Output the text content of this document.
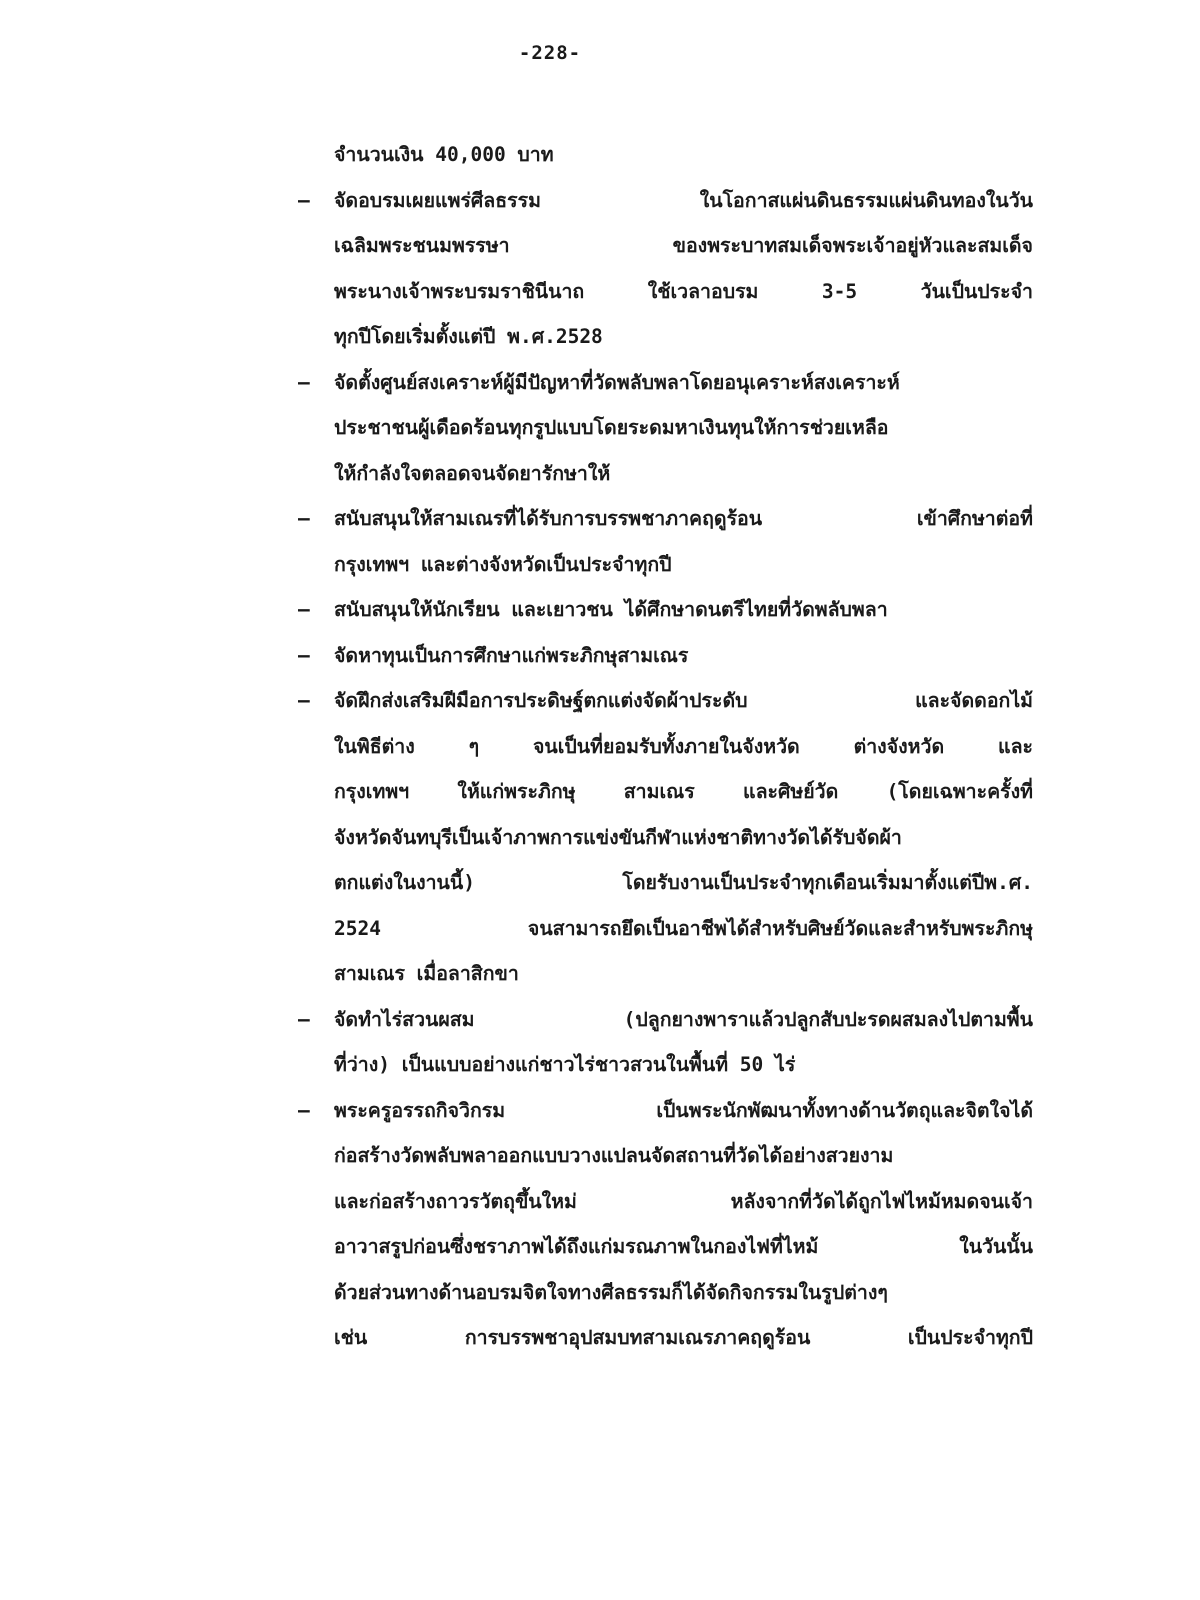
-228-
จำนวนเงิน 40,000 บาท
–	จัดอบรมเผยแพร่ศีลธรรม ในโอกาสแผ่นดินธรรมแผ่นดินทองในวัน
เฉลิมพระชนมพรรษา ของพระบาทสมเด็จพระเจ้าอยู่หัวและสมเด็จ
พระนางเจ้าพระบรมราชินีนาถ ใช้เวลาอบรม 3-5 วันเป็นประจำ
ทุกปีโดยเริ่มตั้งแต่ปี พ.ศ.2528
–	จัดตั้งศูนย์สงเคราะห์ผู้มีปัญหาที่วัดพลับพลาโดยอนุเคราะห์สงเคราะห์
ประชาชนผู้เดือดร้อนทุกรูปแบบโดยระดมหาเงินทุนให้การช่วยเหลือ
ให้กำลังใจตลอดจนจัดยารักษาให้
–	สนับสนุนให้สามเณรที่ได้รับการบรรพชาภาคฤดูร้อน เข้าศึกษาต่อที่
กรุงเทพฯ และต่างจังหวัดเป็นประจำทุกปี
–	สนับสนุนให้นักเรียน และเยาวชน ได้ศึกษาดนตรีไทยที่วัดพลับพลา
–	จัดหาทุนเป็นการศึกษาแก่พระภิกษุสามเณร
–	จัดฝึกส่งเสริมฝีมือการประดิษฐ์ตกแต่งจัดผ้าประดับ และจัดดอกไม้
ในพิธีต่าง ๆ จนเป็นที่ยอมรับทั้งภายในจังหวัด ต่างจังหวัด และ
กรุงเทพฯ ให้แก่พระภิกษุ สามเณร และศิษย์วัด (โดยเฉพาะครั้งที่
จังหวัดจันทบุรีเป็นเจ้าภาพการแข่งขันกีฬาแห่งชาติทางวัดได้รับจัดผ้า
ตกแต่งในงานนี้) โดยรับงานเป็นประจำทุกเดือนเริ่มมาตั้งแต่ปีพ.ศ.
2524 จนสามารถยึดเป็นอาชีพได้สำหรับศิษย์วัดและสำหรับพระภิกษุ
สามเณร เมื่อลาสิกขา
–	จัดทำไร่สวนผสม (ปลูกยางพาราแล้วปลูกสับปะรดผสมลงไปตามพื้น
ที่ว่าง) เป็นแบบอย่างแก่ชาวไร่ชาวสวนในพื้นที่ 50 ไร่
–	พระครูอรรถกิจวิกรม เป็นพระนักพัฒนาทั้งทางด้านวัตถุและจิตใจได้
ก่อสร้างวัดพลับพลาออกแบบวางแปลนจัดสถานที่วัดได้อย่างสวยงาม
และก่อสร้างถาวรวัตถุขึ้นใหม่ หลังจากที่วัดได้ถูกไฟไหม้หมดจนเจ้า
อาวาสรูปก่อนซึ่งชราภาพได้ถึงแก่มรณภาพในกองไฟที่ไหม้ ในวันนั้น
ด้วยส่วนทางด้านอบรมจิตใจทางศีลธรรมก็ได้จัดกิจกรรมในรูปต่างๆ
เช่น การบรรพชาอุปสมบทสามเณรภาคฤดูร้อน เป็นประจำทุกปี
